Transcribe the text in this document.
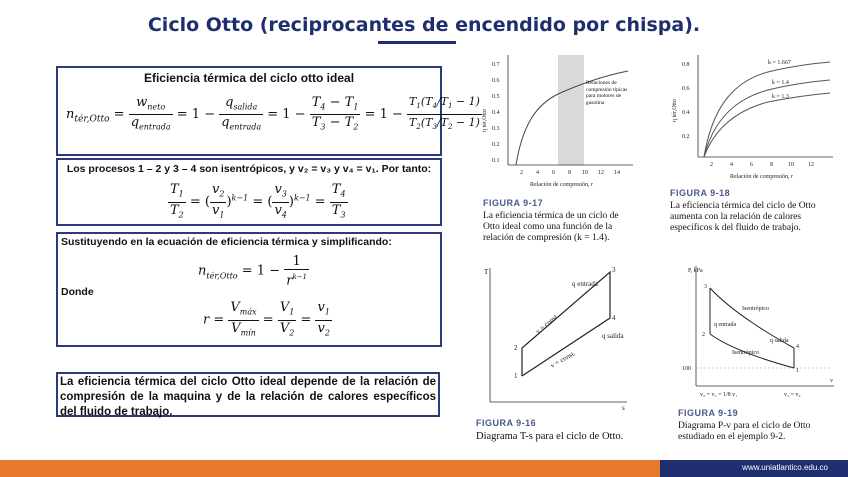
Ciclo Otto (reciprocantes de encendido por chispa).
Eficiencia térmica del ciclo otto ideal
$n_{tér,Otto} = \frac{w_{neto}}{q_{entrada}} = 1 - \frac{q_{salida}}{q_{entrada}} = 1 - \frac{T_4 - T_1}{T_3 - T_2} = 1 - \frac{T_1(T_4/T_1 - 1)}{T_2(T_3/T_2 - 1)}$
Los procesos 1 – 2 y 3 – 4 son isentrópicos, y v₂ = v₃ y v₄ = v₁. Por tanto:
$\frac{T_1}{T_2}$ = ( $\frac{v_2}{v_1} )^{k-1}$ = ( $\frac{v_3}{v_4} )^{k-1} = \frac{T_4}{T_3}$
Sustituyendo en la ecuación de eficiencia térmica y simplificando:
$n_{tér,Otto} = 1 - \frac{1}{r^{k-1}}$
Donde
$r = \frac{V_{máx}}{V_{mín}} = \frac{V_1}{V_2} = \frac{v_1}{v_2}$
La eficiencia térmica del ciclo Otto ideal depende de la relación de compresión de la maquina y de la relación de calores específicos del fluido de trabajo.
0.7
0.6
0.5
0.4
0.3
0.2
0.1
2 4 6 8 10 12 14
Relación de compresión, r
η tér,Otto
Relaciones de compresión típicas para motores de gasolina
FIGURA 9-17
La eficiencia térmica de un ciclo de Otto ideal como una función de la relación de compresión (k = 1.4).
0.8
0.6
0.4
0.2
2	4	6	8	10 12
Relación de compresión, r
η tér,Otto
k = 1.667
k = 1.4
k = 1.3
FIGURA 9-18
La eficiencia térmica del ciclo de Otto aumenta con la relación de calores específicos k del fluido de trabajo.
T
s
1
2
3
4
q entrada
q salida
v = const.
v = const.
FIGURA 9-16
Diagrama T-s para el ciclo de Otto.
P, kPa
v
100	1
2
3
4
Isentrópico
Isentrópico
q entrada
q salida
v₂ = v₃ = 1/8 v₁	v₁ = v₄
FIGURA 9-19
Diagrama P-v para el ciclo de Otto estudiado en el ejemplo 9-2.
www.uniatlantico.edu.co
